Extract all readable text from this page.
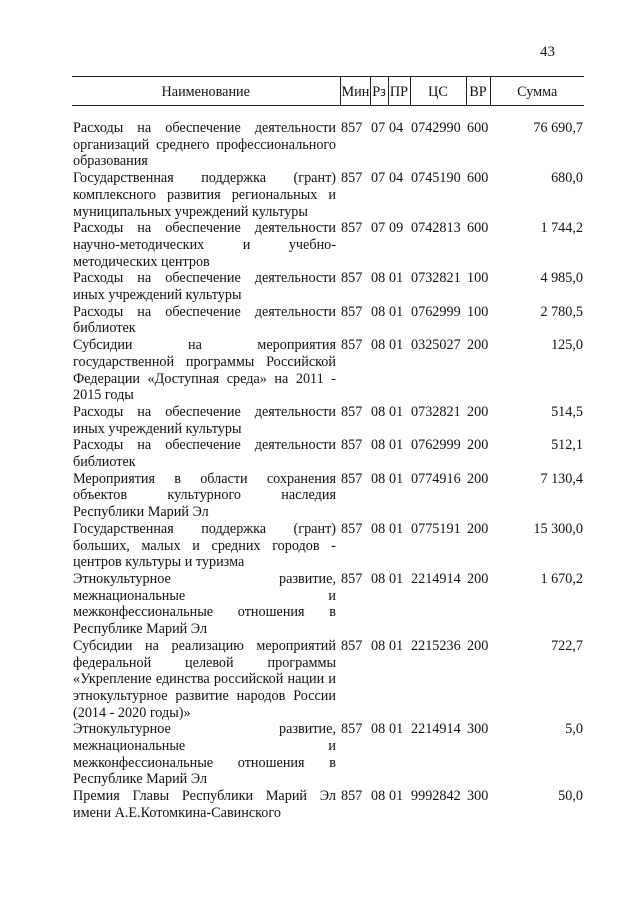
43
Наименование	Мин	Рз	ПР	ЦС	ВР	Сумма

Расходы на обеспечение деятельности организаций среднего профессионального образования	857	07	04	0742990	600	76 690,7
Государственная поддержка (грант) комплексного развития региональных и муниципальных учреждений культуры	857	07	04	0745190	600	680,0
Расходы на обеспечение деятельности научно-методических и учебно-методических центров	857	07	09	0742813	600	1 744,2
Расходы на обеспечение деятельности иных учреждений культуры	857	08	01	0732821	100	4 985,0
Расходы на обеспечение деятельности библиотек	857	08	01	0762999	100	2 780,5
Субсидии на мероприятия государственной программы Российской Федерации «Доступная среда» на 2011 - 2015 годы	857	08	01	0325027	200	125,0
Расходы на обеспечение деятельности иных учреждений культуры	857	08	01	0732821	200	514,5
Расходы на обеспечение деятельности библиотек	857	08	01	0762999	200	512,1
Мероприятия в области сохранения объектов культурного наследия Республики Марий Эл	857	08	01	0774916	200	7 130,4
Государственная поддержка (грант) больших, малых и средних городов - центров культуры и туризма	857	08	01	0775191	200	15 300,0
Этнокультурное развитие, межнациональные и межконфессиональные отношения в Республике Марий Эл	857	08	01	2214914	200	1 670,2
Субсидии на реализацию мероприятий федеральной целевой программы «Укрепление единства российской нации и этнокультурное развитие народов России (2014 - 2020 годы)»	857	08	01	2215236	200	722,7
Этнокультурное развитие, межнациональные и межконфессиональные отношения в Республике Марий Эл	857	08	01	2214914	300	5,0
Премия Главы Республики Марий Эл имени А.Е.Котомкина-Савинского	857	08	01	9992842	300	50,0
